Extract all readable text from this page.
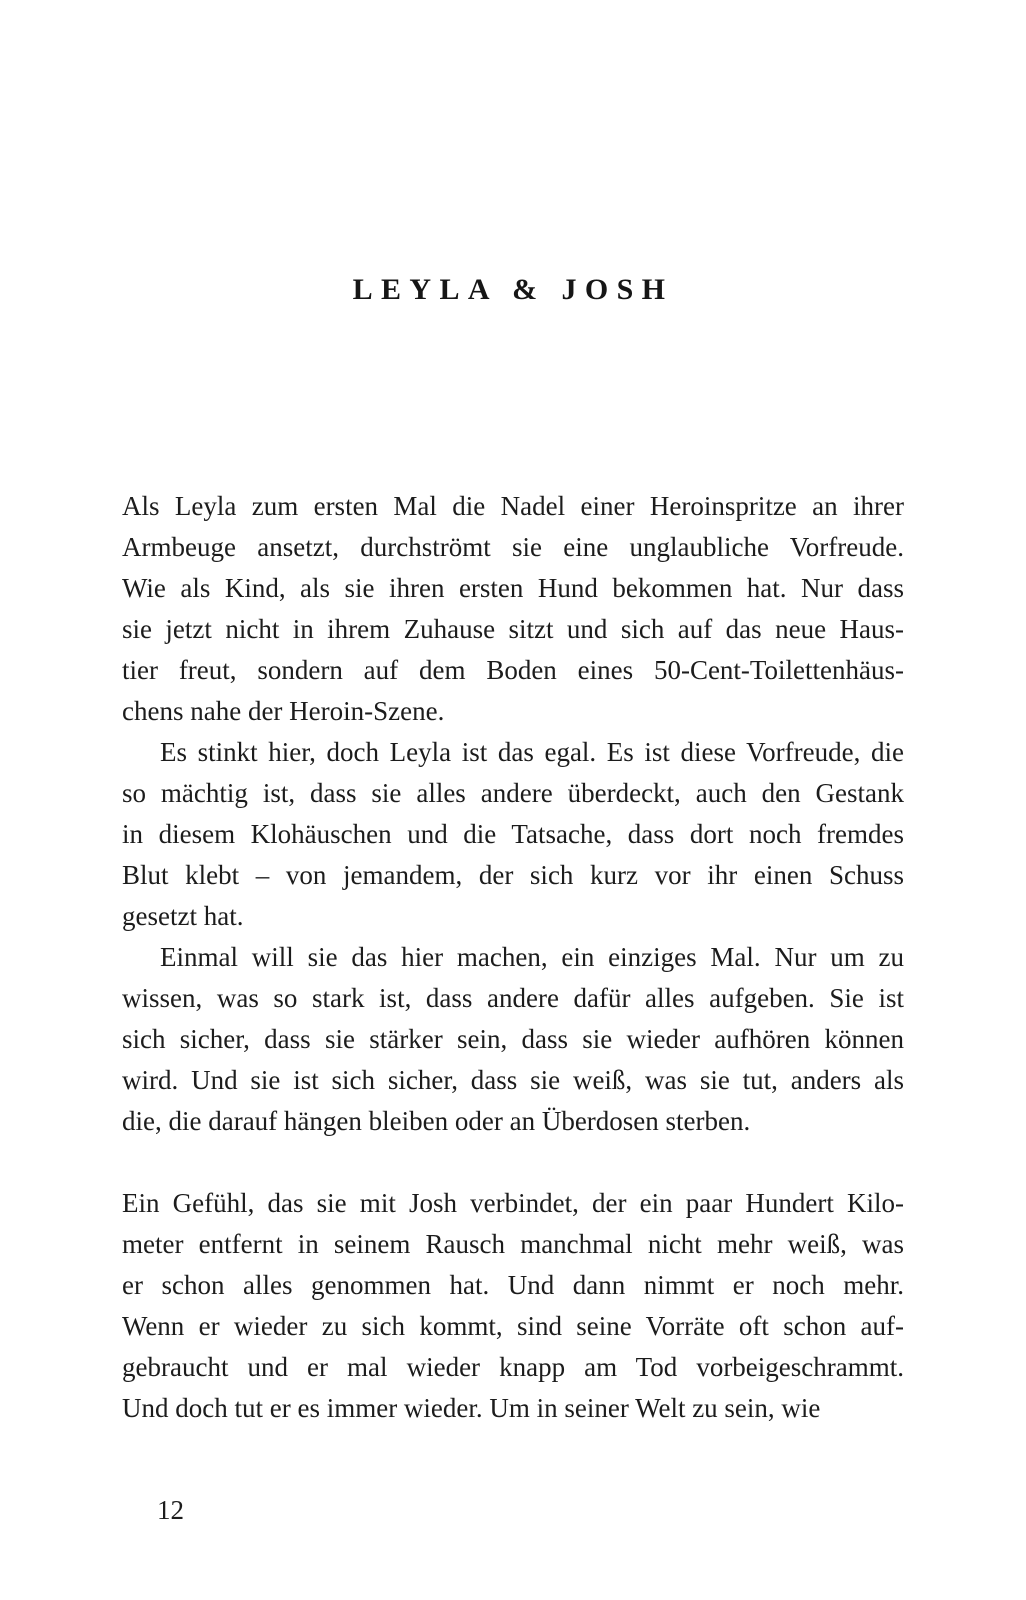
LEYLA & JOSH
Als Leyla zum ersten Mal die Nadel einer Heroinspritze an ihrer
Armbeuge ansetzt, durchströmt sie eine unglaubliche Vorfreude.
Wie als Kind, als sie ihren ersten Hund bekommen hat. Nur dass
sie jetzt nicht in ihrem Zuhause sitzt und sich auf das neue Haus-
tier freut, sondern auf dem Boden eines 50-Cent-Toilettenhäus-
chens nahe der Heroin-Szene.
Es stinkt hier, doch Leyla ist das egal. Es ist diese Vorfreude, die
so mächtig ist, dass sie alles andere überdeckt, auch den Gestank
in diesem Klohäuschen und die Tatsache, dass dort noch fremdes
Blut klebt – von jemandem, der sich kurz vor ihr einen Schuss
gesetzt hat.
Einmal will sie das hier machen, ein einziges Mal. Nur um zu
wissen, was so stark ist, dass andere dafür alles aufgeben. Sie ist
sich sicher, dass sie stärker sein, dass sie wieder aufhören können
wird. Und sie ist sich sicher, dass sie weiß, was sie tut, anders als
die, die darauf hängen bleiben oder an Überdosen sterben.
Ein Gefühl, das sie mit Josh verbindet, der ein paar Hundert Kilo-
meter entfernt in seinem Rausch manchmal nicht mehr weiß, was
er schon alles genommen hat. Und dann nimmt er noch mehr.
Wenn er wieder zu sich kommt, sind seine Vorräte oft schon auf-
gebraucht und er mal wieder knapp am Tod vorbeigeschrammt.
Und doch tut er es immer wieder. Um in seiner Welt zu sein, wie
12
